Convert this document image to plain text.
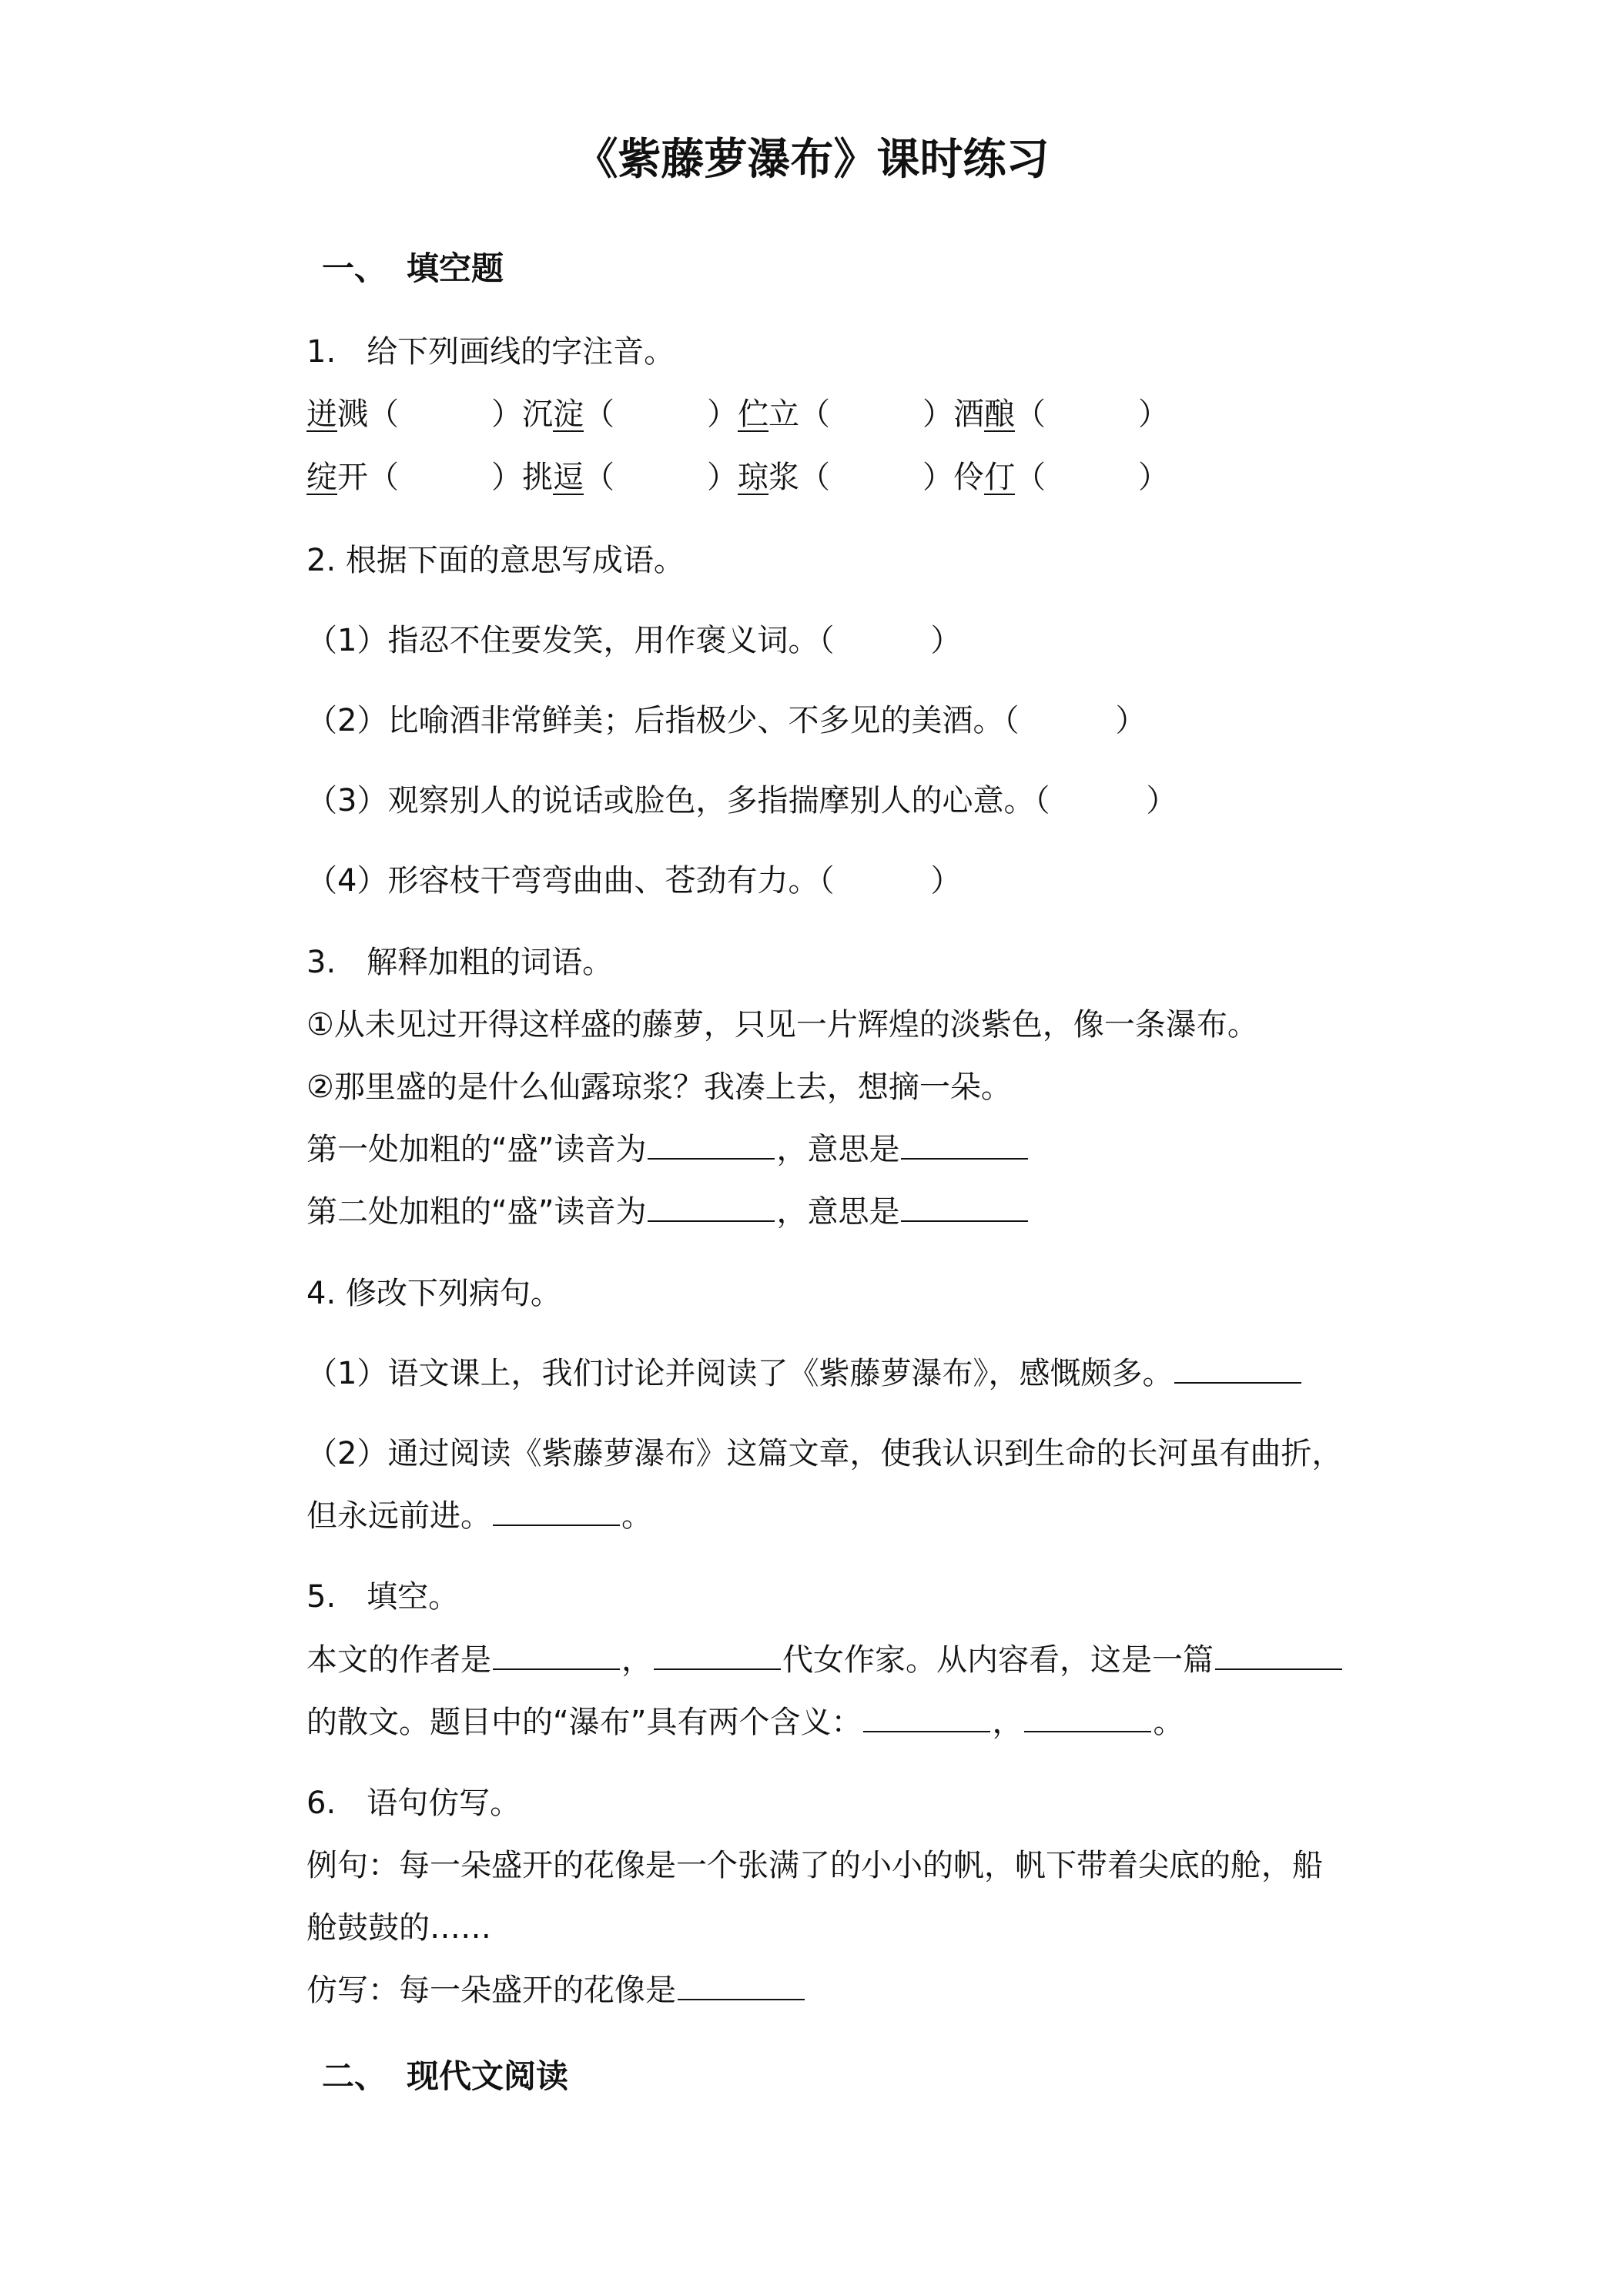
《紫藤萝瀑布》课时练习
一、 填空题
1.　给下列画线的字注音。
迸溅（	）沉淀（	）伫立（	）酒酿（	）
绽开（	）挑逗（	）琼浆（	）伶仃（	）
2. 根据下面的意思写成语。
（1）指忍不住要发笑，用作褒义词。（	）
（2）比喻酒非常鲜美；后指极少、不多见的美酒。（	）
（3）观察别人的说话或脸色，多指揣摩别人的心意。（	）
（4）形容枝干弯弯曲曲、苍劲有力。（	）
3.　解释加粗的词语。
①从未见过开得这样盛的藤萝，只见一片辉煌的淡紫色，像一条瀑布。
②那里盛的是什么仙露琼浆？我凑上去，想摘一朵。
第一处加粗的“盛”读音为	，意思是
第二处加粗的“盛”读音为	，意思是
4. 修改下列病句。
（1）语文课上，我们讨论并阅读了《紫藤萝瀑布》，感慨颇多。
（2）通过阅读《紫藤萝瀑布》这篇文章，使我认识到生命的长河虽有曲折，
但永远前进。	。
5.　填空。
本文的作者是	，	代女作家。从内容看，这是一篇
的散文。题目中的“瀑布”具有两个含义：	，	。
6.　语句仿写。
例句：每一朵盛开的花像是一个张满了的小小的帆，帆下带着尖底的舱，船
舱鼓鼓的……
仿写：每一朵盛开的花像是
二、 现代文阅读
